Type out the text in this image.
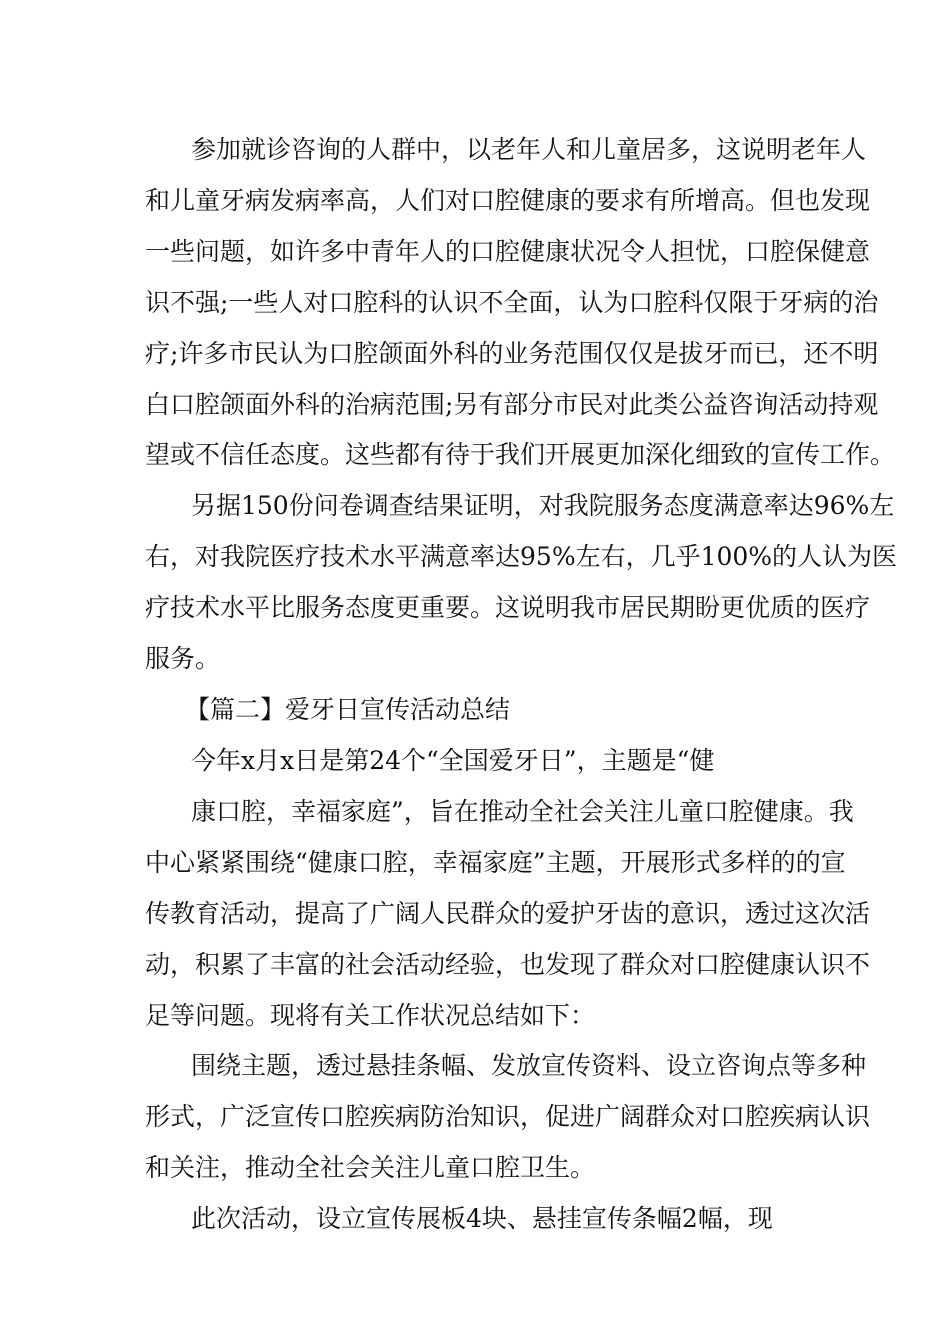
参加就诊咨询的人群中，以老年人和儿童居多，这说明老年人
和儿童牙病发病率高，人们对口腔健康的要求有所增高。但也发现
一些问题，如许多中青年人的口腔健康状况令人担忧，口腔保健意
识不强;一些人对口腔科的认识不全面，认为口腔科仅限于牙病的治
疗;许多市民认为口腔颌面外科的业务范围仅仅是拔牙而已，还不明
白口腔颌面外科的治病范围;另有部分市民对此类公益咨询活动持观
望或不信任态度。这些都有待于我们开展更加深化细致的宣传工作。
另据150份问卷调查结果证明，对我院服务态度满意率达96%左
右，对我院医疗技术水平满意率达95%左右，几乎100%的人认为医
疗技术水平比服务态度更重要。这说明我市居民期盼更优质的医疗
服务。
【篇二】爱牙日宣传活动总结
今年x月x日是第24个“全国爱牙日”，主题是“健
康口腔，幸福家庭”，旨在推动全社会关注儿童口腔健康。我
中心紧紧围绕“健康口腔，幸福家庭”主题，开展形式多样的的宣
传教育活动，提高了广阔人民群众的爱护牙齿的意识，透过这次活
动，积累了丰富的社会活动经验，也发现了群众对口腔健康认识不
足等问题。现将有关工作状况总结如下：
围绕主题，透过悬挂条幅、发放宣传资料、设立咨询点等多种
形式，广泛宣传口腔疾病防治知识，促进广阔群众对口腔疾病认识
和关注，推动全社会关注儿童口腔卫生。
此次活动，设立宣传展板4块、悬挂宣传条幅2幅，现
